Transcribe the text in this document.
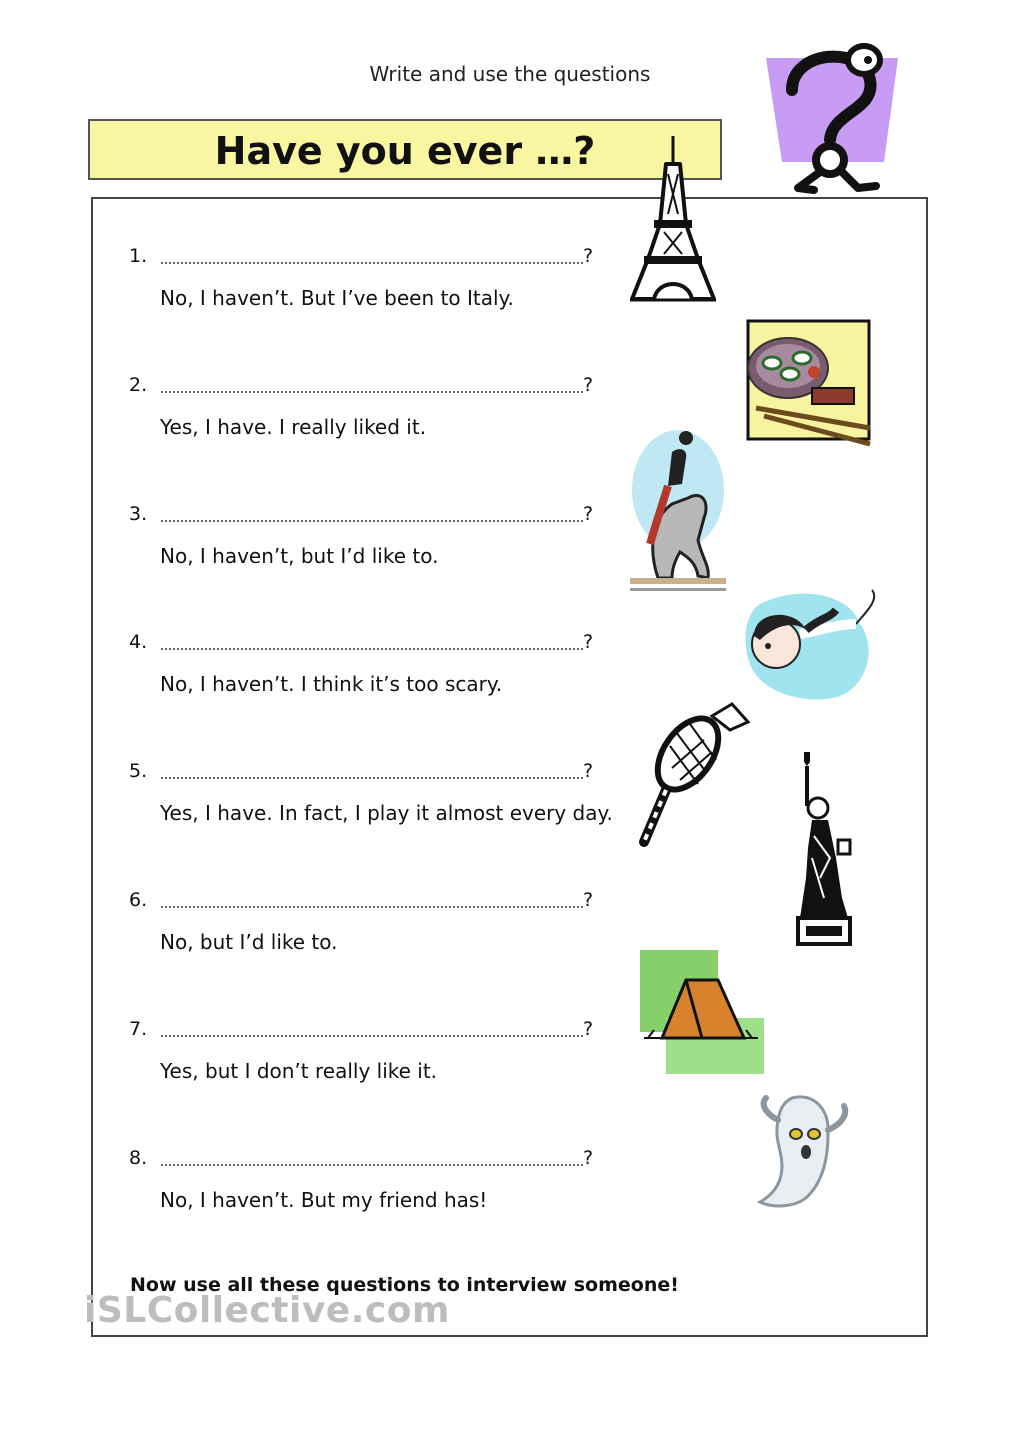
Write and use the questions
Have you ever …?
1.	?
No, I haven’t. But I’ve been to Italy.
2.	?
Yes, I have. I really liked it.
3.	?
No, I haven’t, but I’d like to.
4.	?
No, I haven’t. I think it’s too scary.
5.	?
Yes, I have. In fact, I play it almost every day.
6.	?
No, but I’d like to.
7.	?
Yes, but I don’t really like it.
8.	?
No, I haven’t. But my friend has!
Now use all these questions to interview someone!
iSLCollective.com
